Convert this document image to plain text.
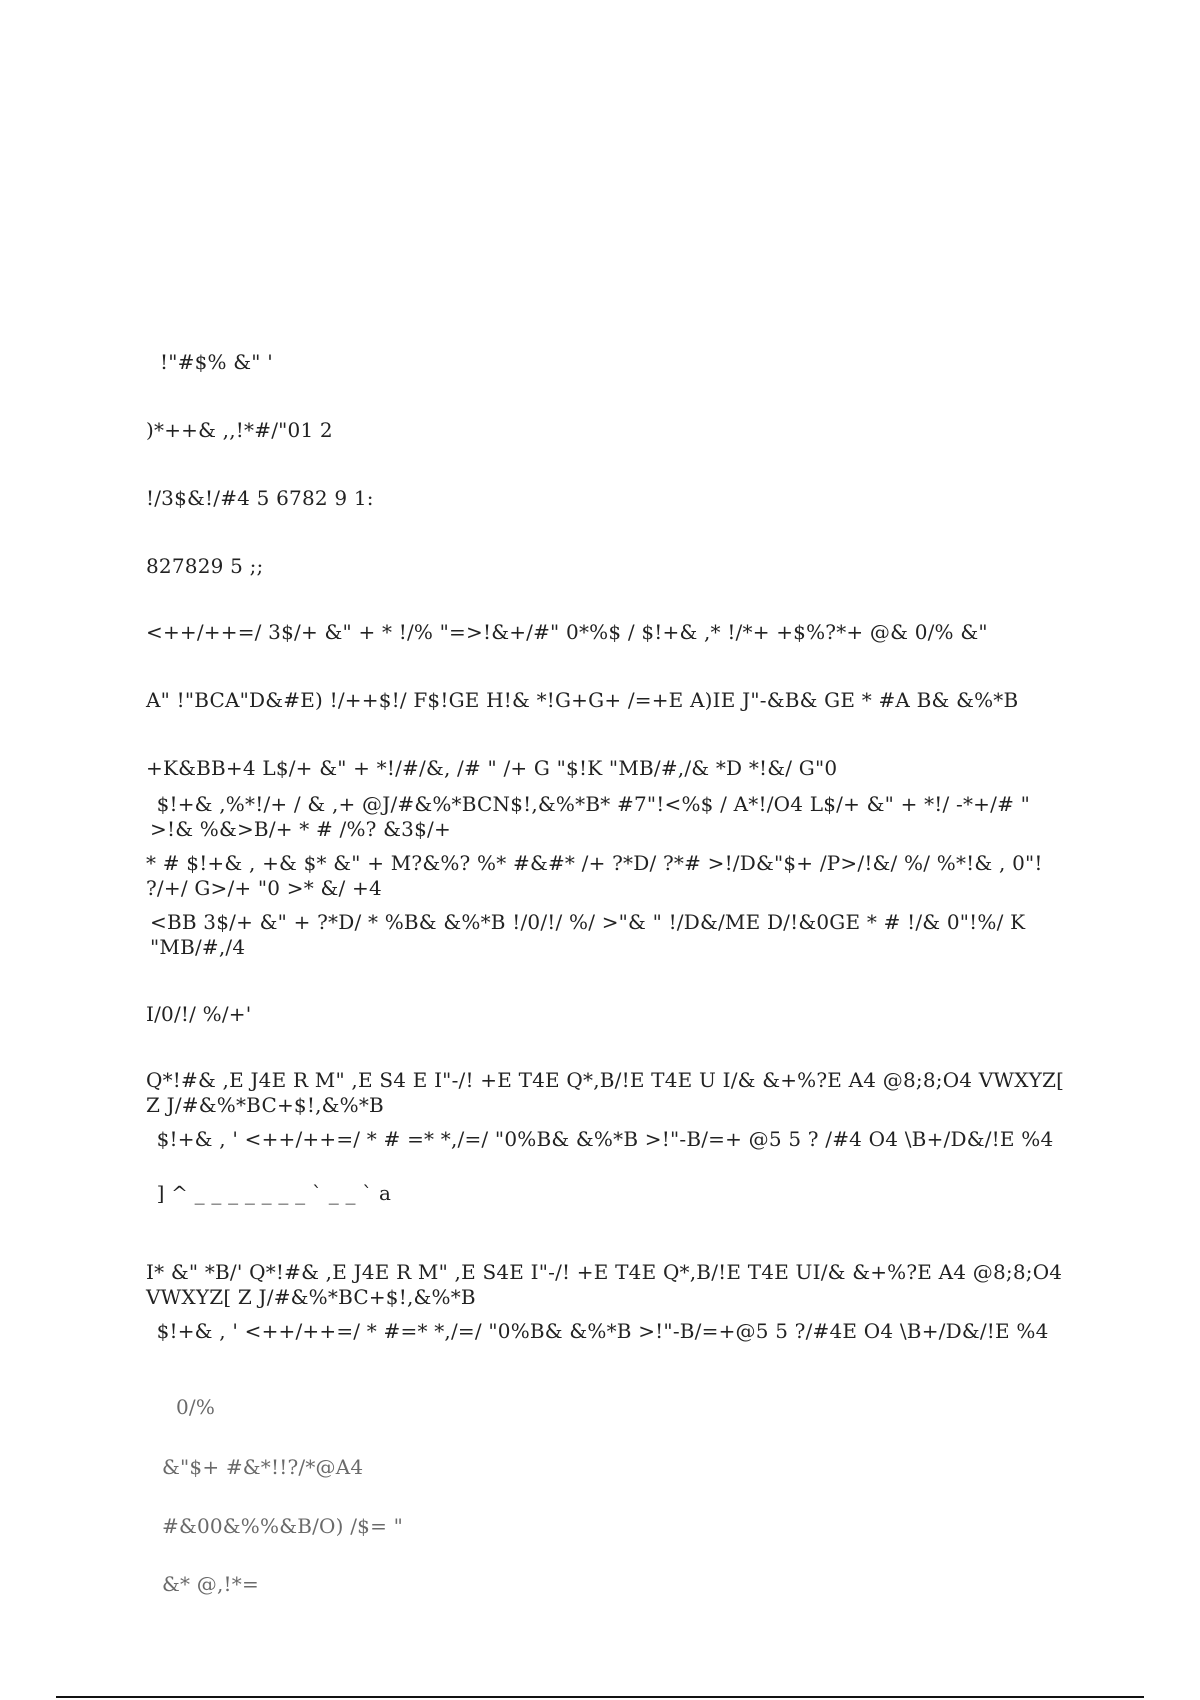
!"#$% &" '
)*++& ,,!*#/"01 2
!/3$&!/#4 5 6782 9 1:
827829 5 ;;
<++/++=/ 3$/+ &" + * !/% "=>!&+/#" 0*%$ / $!+& ,* !/*+ +$%?*+ @& 0/% &"
A" !"BCA"D&#E) !/++$!/ F$!GE H!& *!G+G+ /=+E A)IE J"-&B& GE * #A B& &%*B
+K&BB+4 L$/+ &" + *!/#/&, /# " /+ G "$!K "MB/#,/& *D *!&/ G"0
$!+& ,%*!/+ / & ,+ @J/#&%*BCN$!,&%*B* #7"!<%$ / A*!/O4 L$/+ &" + *!/ -*+/# " >!& %&>B/+ * # /%? &3$/+
* # $!+& , +& $* &" + M?&%? %* #&#* /+ ?*D/ ?*# >!/D&"$+ /P>/!&/ %/ %*!& , 0"! ?/+/ G>/+ "0 >* &/ +4
<BB 3$/+ &" + ?*D/ * %B& &%*B !/0/!/ %/ >"& " !/D&/ME D/!&0GE * # !/& 0"!%/ K "MB/#,/4
I/0/!/ %/+'
Q*!#& ,E J4E R M" ,E S4 E I"-/! +E T4E Q*,B/!E T4E U I/& &+%?E A4 @8;8;O4 VWXYZ[ Z J/#&%*BC+$!,&%*B
$!+& , ' <++/++=/ * # =* *,/=/ "0%B& &%*B >!"-B/=+ @5 5 ? /#4 O4 \B+/D&/!E %4
] ^ _ _ _ _ _ _ _ ` _ _ ` a
I* &" *B/' Q*!#& ,E J4E R M" ,E S4E I"-/! +E T4E Q*,B/!E T4E UI/& &+%?E A4 @8;8;O4 VWXYZ[ Z J/#&%*BC+$!,&%*B
$!+& , ' <++/++=/ * #=* *,/=/ "0%B& &%*B >!"-B/=+@5 5 ?/#4E O4 \B+/D&/!E %4
0/%
&"$+ #&*!!?/*@A4
#&00&%%&B/O) /$= "
&* @,!*=
